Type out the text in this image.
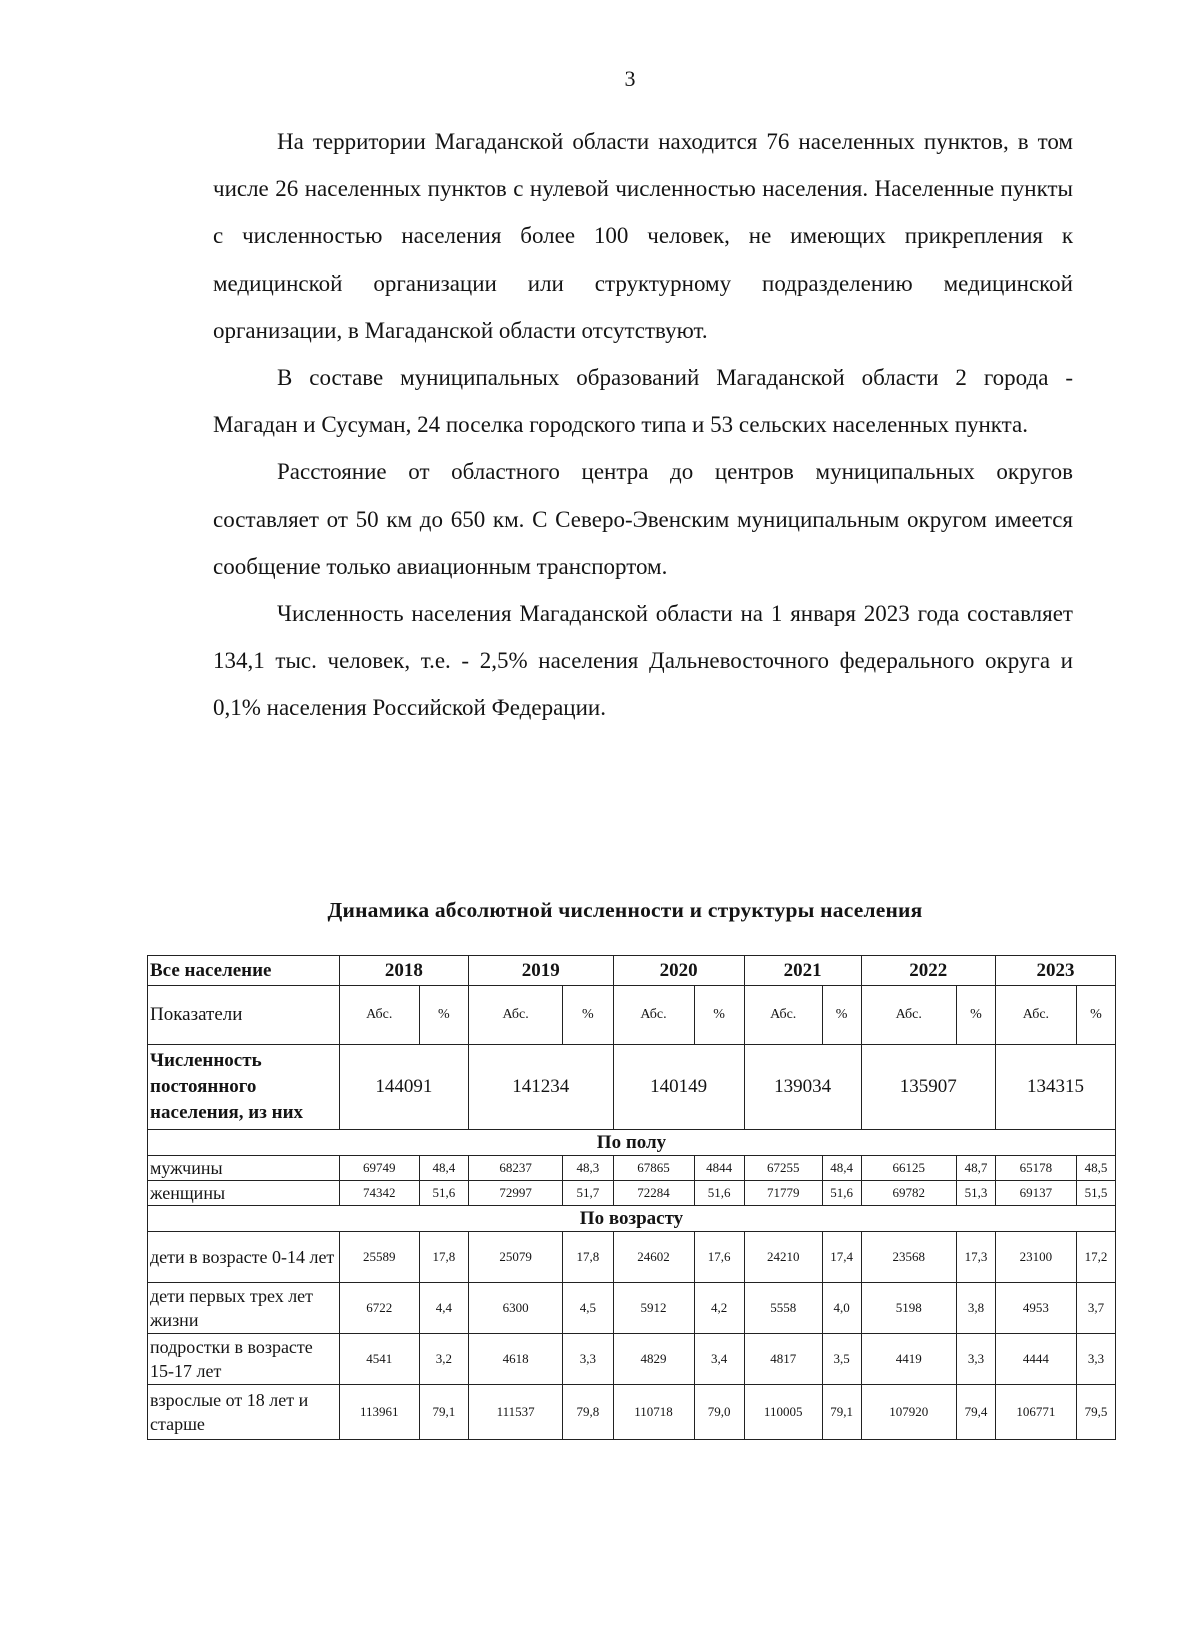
3

На территории Магаданской области находится 76 населенных пунктов, в том числе 26 населенных пунктов с нулевой численностью населения. Населенные пункты с численностью населения более 100 человек, не имеющих прикрепления к медицинской организации или структурному подразделению медицинской организации, в Магаданской области отсутствуют.

В составе муниципальных образований Магаданской области 2 города - Магадан и Сусуман, 24 поселка городского типа и 53 сельских населенных пункта.

Расстояние от областного центра до центров муниципальных округов составляет от 50 км до 650 км. С Северо-Эвенским муниципальным округом имеется сообщение только авиационным транспортом.

Численность населения Магаданской области на 1 января 2023 года составляет 134,1 тыс. человек, т.е. - 2,5% населения Дальневосточного федерального округа и 0,1% населения Российской Федерации.

Динамика абсолютной численности и структуры населения
Все население	2018		2019		2020		2021		2022		2023	
Показатели	Абс.	%	Абс.	%	Абс.	%	Абс.	%	Абс.	%	Абс.	%
Численность постоянного населения, из них	144091		141234		140149		139034		135907		134315	
По полу												
мужчины	69749	48,4	68237	48,3	67865	4844	67255	48,4	66125	48,7	65178	48,5
женщины	74342	51,6	72997	51,7	72284	51,6	71779	51,6	69782	51,3	69137	51,5
По возрасту												
дети в возрасте 0-14 лет	25589	17,8	25079	17,8	24602	17,6	24210	17,4	23568	17,3	23100	17,2
дети первых трех лет жизни	6722	4,4	6300	4,5	5912	4,2	5558	4,0	5198	3,8	4953	3,7
подростки в возрасте 15-17 лет	4541	3,2	4618	3,3	4829	3,4	4817	3,5	4419	3,3	4444	3,3
взрослые от 18 лет и старше	113961	79,1	111537	79,8	110718	79,0	110005	79,1	107920	79,4	106771	79,5
